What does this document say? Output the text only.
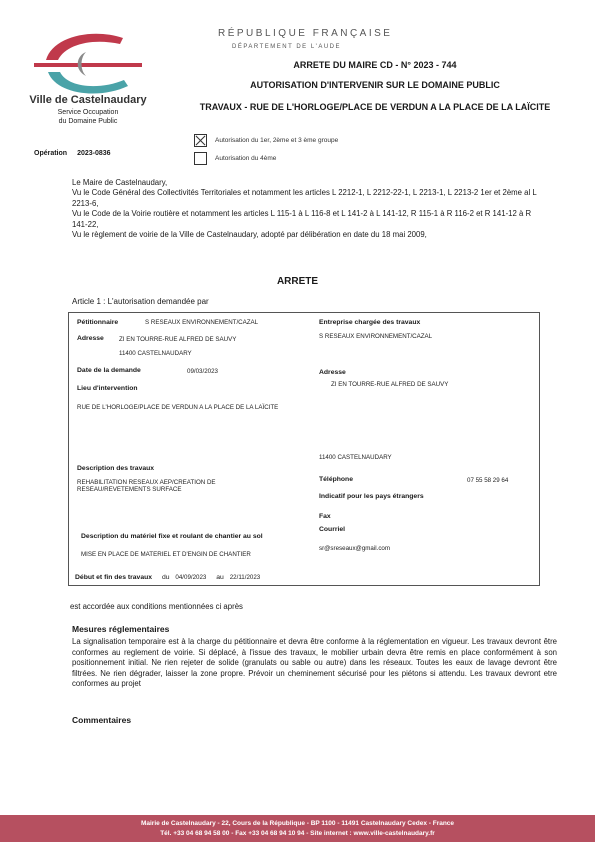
Ville de Castelnaudary
Service Occupation
du Domaine Public
Opération 2023-0836
RÉPUBLIQUE FRANÇAISE
DÉPARTEMENT DE L'AUDE
ARRETE DU MAIRE CD - N° 2023 - 744
AUTORISATION D'INTERVENIR SUR LE DOMAINE PUBLIC
TRAVAUX - RUE DE L'HORLOGE/PLACE DE VERDUN A LA PLACE DE LA LAÏCITE
Autorisation du 1er, 2ème et 3 ème groupe
Autorisation du 4ème
Le Maire de Castelnaudary,
Vu le Code Général des Collectivités Territoriales et notamment les articles L 2212-1, L 2212-22-1, L 2213-1, L 2213-2 1er et 2ème al L 2213-6,
Vu le Code de la Voirie routière et notamment les articles L 115-1 à L 116-8 et L 141-2 à L 141-12, R 115-1 à R 116-2 et R 141-12 à R 141-22,
Vu le règlement de voirie de la Ville de Castelnaudary, adopté par délibération en date du 18 mai 2009,
ARRETE
Article 1 : L'autorisation demandée par
Pétitionnaire	S RESEAUX ENVIRONNEMENT/CAZAL
Adresse ZI EN TOURRE-RUE ALFRED DE SAUVY
11400 CASTELNAUDARY
Date de la demande	09/03/2023
Lieu d'intervention
RUE DE L'HORLOGE/PLACE DE VERDUN A LA PLACE DE LA LAÏCITE
Description des travaux
REHABILITATION RESEAUX AEP/CREATION DE RESEAU/REVETEMENTS SURFACE
Description du matériel fixe et roulant de chantier au sol
MISE EN PLACE DE MATERIEL ET D'ENGIN DE CHANTIER
Début et fin des travaux du 04/09/2023 au 22/11/2023
Entreprise chargée des travaux
S RESEAUX ENVIRONNEMENT/CAZAL
Adresse
ZI EN TOURRE-RUE ALFRED DE SAUVY
11400 CASTELNAUDARY
Téléphone	07 55 58 29 64
Indicatif pour les pays étrangers
Fax
Courriel
sr@sreseaux@gmail.com
est accordée aux conditions mentionnées ci après
Mesures réglementaires
La signalisation temporaire est à la charge du pétitionnaire et devra être conforme à la réglementation en vigueur. Les travaux devront être conformes au reglement de voirie. Si déplacé, à l'issue des travaux, le mobilier urbain devra être remis en place conformément à son positionnement initial. Ne rien rejeter de solide (granulats ou sable ou autre) dans les réseaux. Toutes les eaux de lavage devront être filtrées. Ne rien dégrader, laisser la zone propre. Prévoir un cheminement sécurisé pour les piétons si attendu. Les travaux devront etre conformes au projet
Commentaires
Mairie de Castelnaudary - 22, Cours de la République - BP 1100 - 11491 Castelnaudary Cedex - France
Tél. +33 04 68 94 58 00 - Fax +33 04 68 94 10 94 - Site internet : www.ville-castelnaudary.fr
